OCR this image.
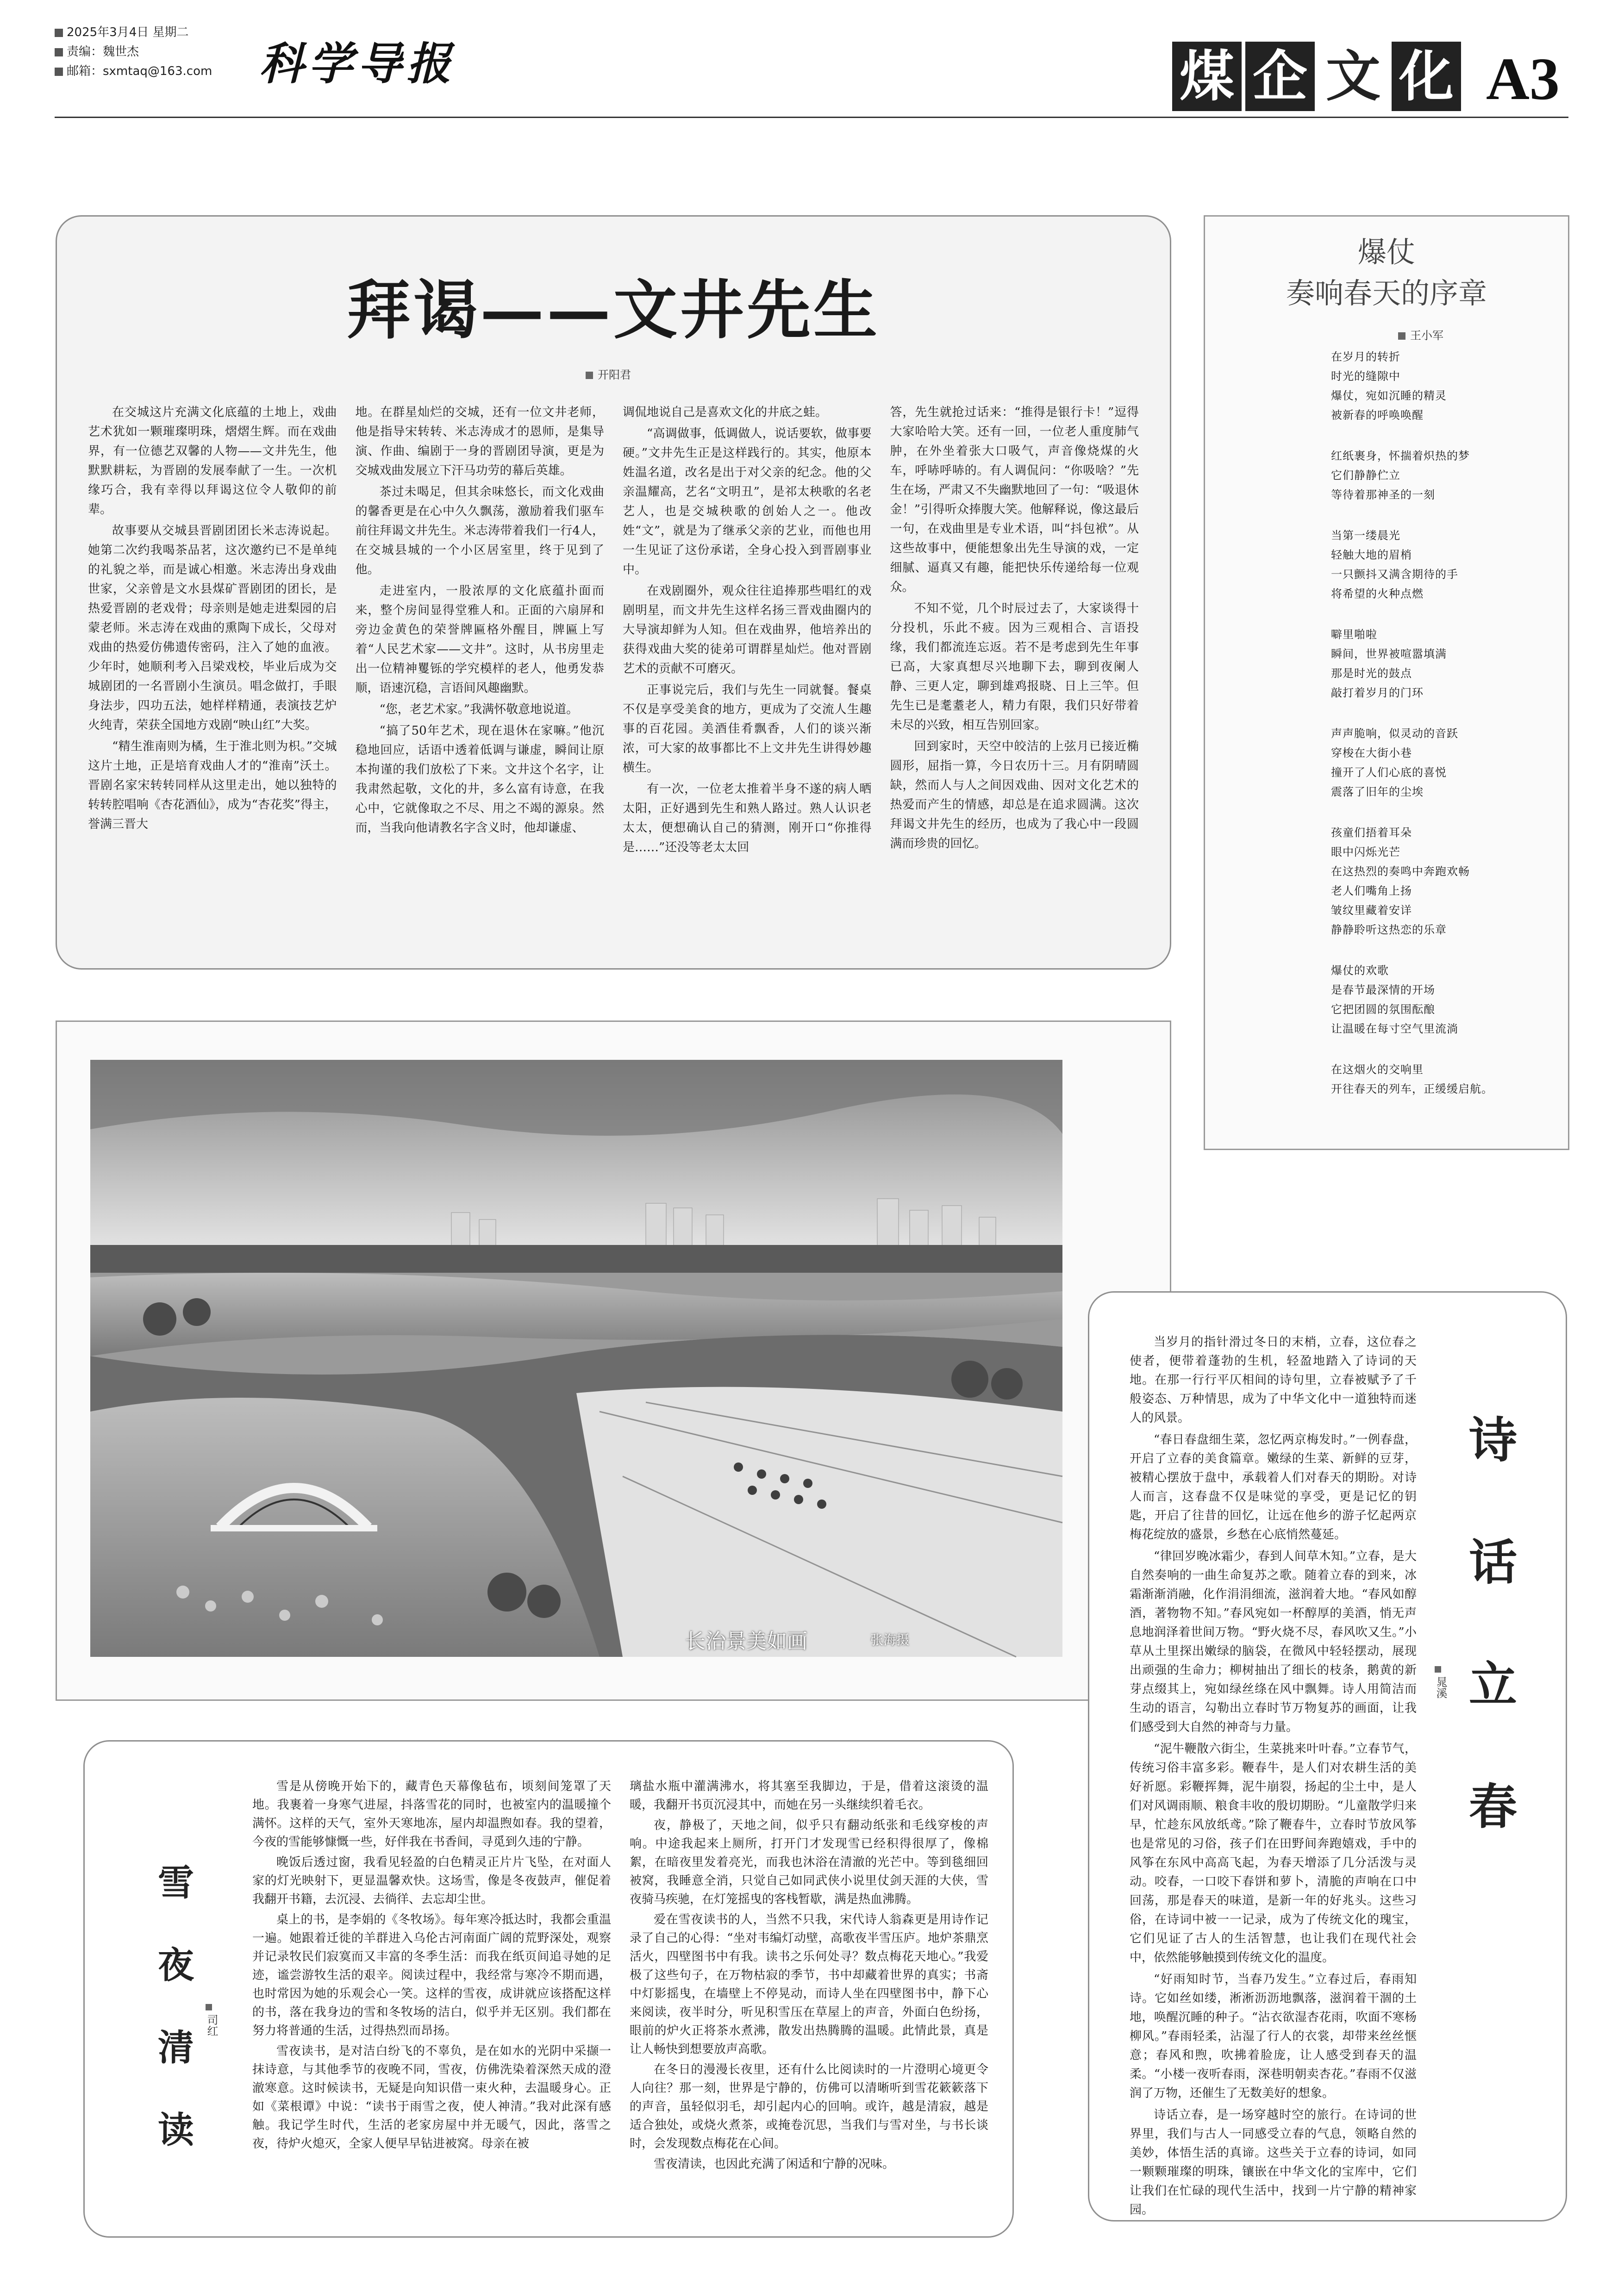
2025年3月4日 星期二
责编：魏世杰
邮箱：sxmtaq@163.com 科学导报	煤 企 文 化 A3
拜谒——文井先生
开阳君

在交城这片充满文化底蕴的土地上，戏曲艺术犹如一颗璀璨明珠，熠熠生辉。而在戏曲界，有一位德艺双馨的人物——文井先生，他默默耕耘，为晋剧的发展奉献了一生。一次机缘巧合，我有幸得以拜谒这位令人敬仰的前辈。

故事要从交城县晋剧团团长米志涛说起。她第二次约我喝茶品茗，这次邀约已不是单纯的礼貌之举，而是诚心相邀。米志涛出身戏曲世家，父亲曾是文水县煤矿晋剧团的团长，是热爱晋剧的老戏骨；母亲则是她走进梨园的启蒙老师。米志涛在戏曲的熏陶下成长，父母对戏曲的热爱仿佛遗传密码，注入了她的血液。少年时，她顺利考入吕梁戏校，毕业后成为交城剧团的一名晋剧小生演员。唱念做打，手眼身法步，四功五法，她样样精通，表演技艺炉火纯青，荣获全国地方戏剧“映山红”大奖。

“精生淮南则为橘，生于淮北则为枳。”交城这片土地，正是培育戏曲人才的“淮南”沃土。晋剧名家宋转转同样从这里走出，她以独特的转转腔唱响《杏花酒仙》，成为“杏花奖”得主，誉满三晋大

地。在群星灿烂的交城，还有一位文井老师，他是指导宋转转、米志涛成才的恩师，是集导演、作曲、编剧于一身的晋剧团导演，更是为交城戏曲发展立下汗马功劳的幕后英雄。

茶过未喝足，但其余味悠长，而文化戏曲的馨香更是在心中久久飘荡，激励着我们驱车前往拜谒文井先生。米志涛带着我们一行4人，在交城县城的一个小区居室里，终于见到了他。

走进室内，一股浓厚的文化底蕴扑面而来，整个房间显得堂雅人和。正面的六扇屏和旁边金黄色的荣誉牌匾格外醒目，牌匾上写着“人民艺术家——文井”。这时，从书房里走出一位精神矍铄的学究模样的老人，他勇发恭顺，语速沉稳，言语间风趣幽默。

“您，老艺术家。”我满怀敬意地说道。

“搞了50年艺术，现在退休在家嘛。”他沉稳地回应，话语中透着低调与谦虚，瞬间让原本拘谨的我们放松了下来。文井这个名字，让我肃然起敬，文化的井，多么富有诗意，在我心中，它就像取之不尽、用之不竭的源泉。然而，当我向他请教名字含义时，他却谦虚、

调侃地说自己是喜欢文化的井底之蛙。

“高调做事，低调做人，说话要软，做事要硬。”文井先生正是这样践行的。其实，他原本姓温名道，改名是出于对父亲的纪念。他的父亲温耀高，艺名“文明丑”，是祁太秧歌的名老艺人，也是交城秧歌的创始人之一。他改姓“文”，就是为了继承父亲的艺业，而他也用一生见证了这份承诺，全身心投入到晋剧事业中。

在戏剧圈外，观众往往追捧那些唱红的戏剧明星，而文井先生这样名扬三晋戏曲圈内的大导演却鲜为人知。但在戏曲界，他培养出的获得戏曲大奖的徒弟可谓群星灿烂。他对晋剧艺术的贡献不可磨灭。

正事说完后，我们与先生一同就餐。餐桌不仅是享受美食的地方，更成为了交流人生趣事的百花园。美酒佳肴飘香，人们的谈兴渐浓，可大家的故事都比不上文井先生讲得妙趣横生。

有一次，一位老太推着半身不遂的病人晒太阳，正好遇到先生和熟人路过。熟人认识老太太，便想确认自己的猜测，刚开口“你推得是……”还没等老太太回

答，先生就抢过话来：“推得是银行卡！”逗得大家哈哈大笑。还有一回，一位老人重度肺气肿，在外坐着张大口吸气，声音像烧煤的火车，呼哧呼哧的。有人调侃问：“你吸啥？”先生在场，严肃又不失幽默地回了一句：“吸退休金！”引得听众捧腹大笑。他解释说，像这最后一句，在戏曲里是专业术语，叫“抖包袱”。从这些故事中，便能想象出先生导演的戏，一定细腻、逼真又有趣，能把快乐传递给每一位观众。

不知不觉，几个时辰过去了，大家谈得十分投机，乐此不疲。因为三观相合、言语投缘，我们都流连忘返。若不是考虑到先生年事已高，大家真想尽兴地聊下去，聊到夜阑人静、三更人定，聊到雄鸡报晓、日上三竿。但先生已是耄耋老人，精力有限，我们只好带着未尽的兴致，相互告别回家。

回到家时，天空中皎洁的上弦月已接近椭圆形，屈指一算，今日农历十三。月有阴晴圆缺，然而人与人之间因戏曲、因对文化艺术的热爱而产生的情感，却总是在追求圆满。这次拜谒文井先生的经历，也成为了我心中一段圆满而珍贵的回忆。

爆仗
奏响春天的序章
王小军
在岁月的转折
时光的缝隙中
爆仗，宛如沉睡的精灵
被新春的呼唤唤醒
红纸裹身，怀揣着炽热的梦
它们静静伫立
等待着那神圣的一刻
当第一缕晨光
轻触大地的眉梢
一只颤抖又满含期待的手
将希望的火种点燃
噼里啪啦
瞬间，世界被喧嚣填满
那是时光的鼓点
敲打着岁月的门环
声声脆响，似灵动的音跃
穿梭在大街小巷
撞开了人们心底的喜悦
震落了旧年的尘埃
孩童们捂着耳朵
眼中闪烁光芒
在这热烈的奏鸣中奔跑欢畅
老人们嘴角上扬
皱纹里藏着安详
静静聆听这热恋的乐章
爆仗的欢歌
是春节最深情的开场
它把团圆的氛围酝酿
让温暖在每寸空气里流淌
在这烟火的交响里
开往春天的列车，正缓缓启航。
长治景美如画	张海摄

当岁月的指针滑过冬日的末梢，立春，这位春之使者，便带着蓬勃的生机，轻盈地踏入了诗词的天地。在那一行行平仄相间的诗句里，立春被赋予了千般姿态、万种情思，成为了中华文化中一道独特而迷人的风景。

“春日春盘细生菜，忽忆两京梅发时。”一例春盘，开启了立春的美食篇章。嫩绿的生菜、新鲜的豆芽，被精心摆放于盘中，承载着人们对春天的期盼。对诗人而言，这春盘不仅是味觉的享受，更是记忆的钥匙，开启了往昔的回忆，让远在他乡的游子忆起两京梅花绽放的盛景，乡愁在心底悄然蔓延。

“律回岁晚冰霜少，春到人间草木知。”立春，是大自然奏响的一曲生命复苏之歌。随着立春的到来，冰霜渐渐消融，化作涓涓细流，滋润着大地。“春风如醇酒，著物物不知。”春风宛如一杯醇厚的美酒，悄无声息地润泽着世间万物。“野火烧不尽，春风吹又生。”小草从土里探出嫩绿的脑袋，在微风中轻轻摆动，展现出顽强的生命力；柳树抽出了细长的枝条，鹅黄的新芽点缀其上，宛如绿丝绦在风中飘舞。诗人用简洁而生动的语言，勾勒出立春时节万物复苏的画面，让我们感受到大自然的神奇与力量。

“泥牛鞭散六街尘，生菜挑来叶叶春。”立春节气，传统习俗丰富多彩。鞭春牛，是人们对农耕生活的美好祈愿。彩鞭挥舞，泥牛崩裂，扬起的尘土中，是人们对风调雨顺、粮食丰收的殷切期盼。“儿童散学归来早，忙趁东风放纸鸢。”除了鞭春牛，立春时节放风筝也是常见的习俗，孩子们在田野间奔跑嬉戏，手中的风筝在东风中高高飞起，为春天增添了几分活泼与灵动。咬春，一口咬下春饼和萝卜，清脆的声响在口中回荡，那是春天的味道，是新一年的好兆头。这些习俗，在诗词中被一一记录，成为了传统文化的瑰宝，它们见证了古人的生活智慧，也让我们在现代社会中，依然能够触摸到传统文化的温度。

“好雨知时节，当春乃发生。”立春过后，春雨知诗。它如丝如缕，淅淅沥沥地飘落，滋润着干涸的土地，唤醒沉睡的种子。“沾衣欲湿杏花雨，吹面不寒杨柳风。”春雨轻柔，沾湿了行人的衣裳，却带来丝丝惬意；春风和煦，吹拂着脸庞，让人感受到春天的温柔。“小楼一夜听春雨，深巷明朝卖杏花。”春雨不仅滋润了万物，还催生了无数美好的想象。

诗话立春，是一场穿越时空的旅行。在诗词的世界里，我们与古人一同感受立春的气息，领略自然的美妙，体悟生活的真谛。这些关于立春的诗词，如同一颗颗璀璨的明珠，镶嵌在中华文化的宝库中，它们让我们在忙碌的现代生活中，找到一片宁静的精神家园。

诗
话
立
春
晁溪
雪
夜
清
读
司红

雪是从傍晚开始下的，藏青色天幕像毡布，顷刻间笼罩了天地。我裹着一身寒气进屋，抖落雪花的同时，也被室内的温暖撞个满怀。这样的天气，室外天寒地冻，屋内却温煦如春。我的望着，今夜的雪能够慷慨一些，好伴我在书香间，寻觅到久违的宁静。

晚饭后透过窗，我看见轻盈的白色精灵正片片飞坠，在对面人家的灯光映射下，更显温馨欢快。这场雪，像是冬夜鼓声，催促着我翻开书籍，去沉浸、去徜徉、去忘却尘世。

桌上的书，是李娟的《冬牧场》。每年寒冷抵达时，我都会重温一遍。她跟着迁徙的羊群进入乌伦古河南面广阔的荒野深处，观察并记录牧民们寂寞而又丰富的冬季生活：而我在纸页间追寻她的足迹，谧尝游牧生活的艰辛。阅读过程中，我经常与寒冷不期而遇，也时常因为她的乐观会心一笑。这样的雪夜，成讲就应该搭配这样的书，落在我身边的雪和冬牧场的洁白，似乎并无区别。我们都在努力将普通的生活，过得热烈而昂扬。

雪夜读书，是对洁白纷飞的不辜负，是在如水的光阴中采撷一抹诗意，与其他季节的夜晚不同，雪夜，仿佛洗染着深然天成的澄澈寒意。这时候读书，无疑是向知识借一束火种，去温暖身心。正如《菜根谭》中说：“读书于雨雪之夜，使人神清。”我对此深有感触。我记学生时代，生活的老家房屋中并无暖气，因此，落雪之夜，待炉火熄灭，全家人便早早钻进被窝。母亲在被

璃盐水瓶中灌满沸水，将其塞至我脚边，于是，借着这滚烫的温暖，我翻开书页沉浸其中，而她在另一头继续织着毛衣。

夜，静极了，天地之间，似乎只有翻动纸张和毛线穿梭的声响。中途我起来上厕所，打开门才发现雪已经积得很厚了，像棉絮，在暗夜里发着亮光，而我也沐浴在清澈的光芒中。等到毯细回被窝，我睡意全消，只觉自己如同武侠小说里仗剑天涯的大侠，雪夜骑马疾驰，在灯笼摇曳的客栈暂歇，满是热血沸腾。

爱在雪夜读书的人，当然不只我，宋代诗人翁森更是用诗作记录了自己的心得：“坐对韦编灯动壁，高歌夜半雪压庐。地炉茶鼎烹活火，四壁图书中有我。读书之乐何处寻？数点梅花天地心。”我爱极了这些句子，在万物枯寂的季节，书中却藏着世界的真实；书斋中灯影摇曳，在墙壁上不停晃动，而诗人坐在四壁图书中，静下心来阅读，夜半时分，听见积雪压在草屋上的声音，外面白色纷扬，眼前的炉火正将茶水煮沸，散发出热腾腾的温暖。此情此景，真是让人畅快到想要放声高歌。

在冬日的漫漫长夜里，还有什么比阅读时的一片澄明心境更令人向往？那一刻，世界是宁静的，仿佛可以清晰听到雪花簌簌落下的声音，虽轻似羽毛，却引起内心的回响。或许，越是清寂，越是适合独处，或烧火煮茶，或掩卷沉思，当我们与雪对坐，与书长谈时，会发现数点梅花在心间。

雪夜清读，也因此充满了闲适和宁静的况味。
